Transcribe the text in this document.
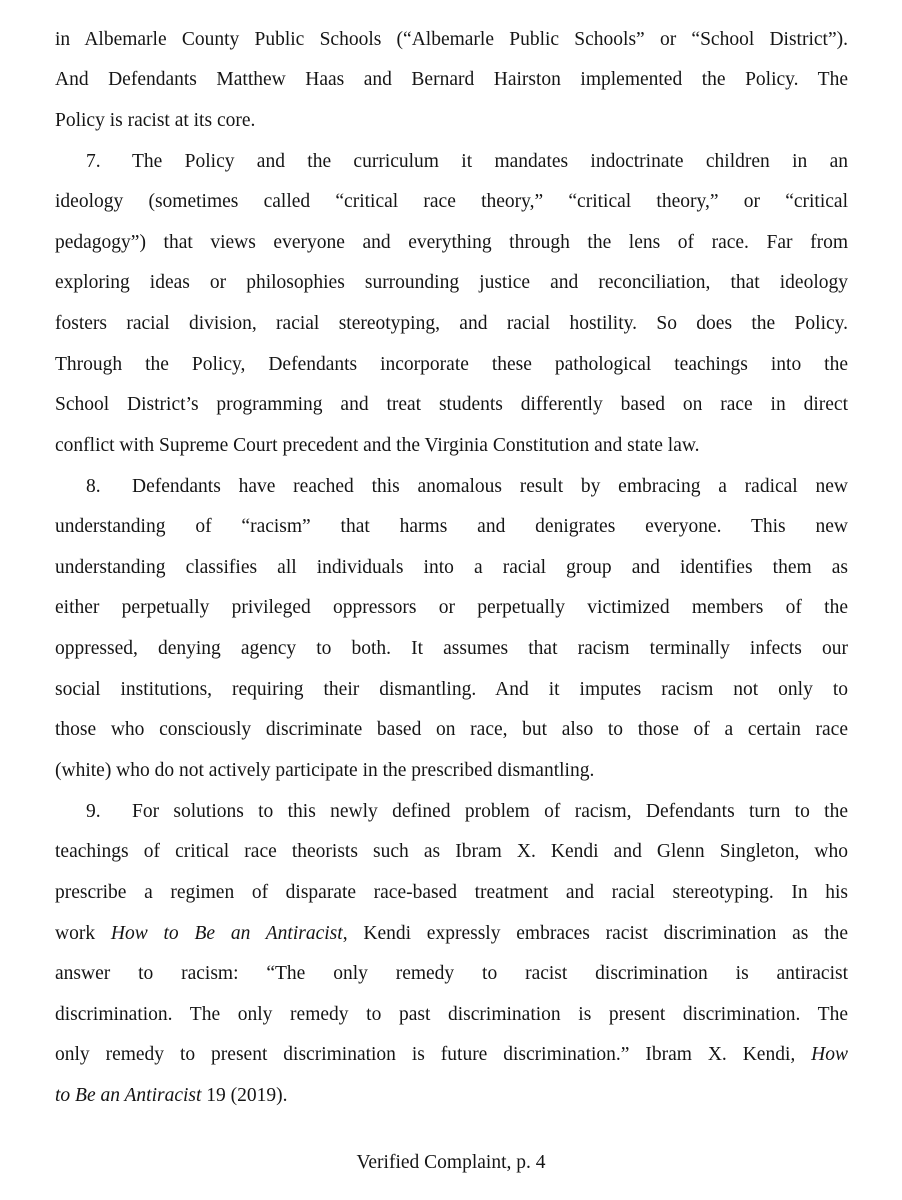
in Albemarle County Public Schools (“Albemarle Public Schools” or “School District”).
And Defendants Matthew Haas and Bernard Hairston implemented the Policy. The
Policy is racist at its core.
7. The Policy and the curriculum it mandates indoctrinate children in an
ideology (sometimes called “critical race theory,” “critical theory,” or “critical
pedagogy”) that views everyone and everything through the lens of race. Far from
exploring ideas or philosophies surrounding justice and reconciliation, that ideology
fosters racial division, racial stereotyping, and racial hostility. So does the Policy.
Through the Policy, Defendants incorporate these pathological teachings into the
School District’s programming and treat students differently based on race in direct
conflict with Supreme Court precedent and the Virginia Constitution and state law.
8. Defendants have reached this anomalous result by embracing a radical new
understanding of “racism” that harms and denigrates everyone. This new
understanding classifies all individuals into a racial group and identifies them as
either perpetually privileged oppressors or perpetually victimized members of the
oppressed, denying agency to both. It assumes that racism terminally infects our
social institutions, requiring their dismantling. And it imputes racism not only to
those who consciously discriminate based on race, but also to those of a certain race
(white) who do not actively participate in the prescribed dismantling.
9. For solutions to this newly defined problem of racism, Defendants turn to the
teachings of critical race theorists such as Ibram X. Kendi and Glenn Singleton, who
prescribe a regimen of disparate race-based treatment and racial stereotyping. In his
work How to Be an Antiracist, Kendi expressly embraces racist discrimination as the
answer to racism: “The only remedy to racist discrimination is antiracist
discrimination. The only remedy to past discrimination is present discrimination. The
only remedy to present discrimination is future discrimination.” Ibram X. Kendi, How
to Be an Antiracist 19 (2019).
Verified Complaint, p. 4
